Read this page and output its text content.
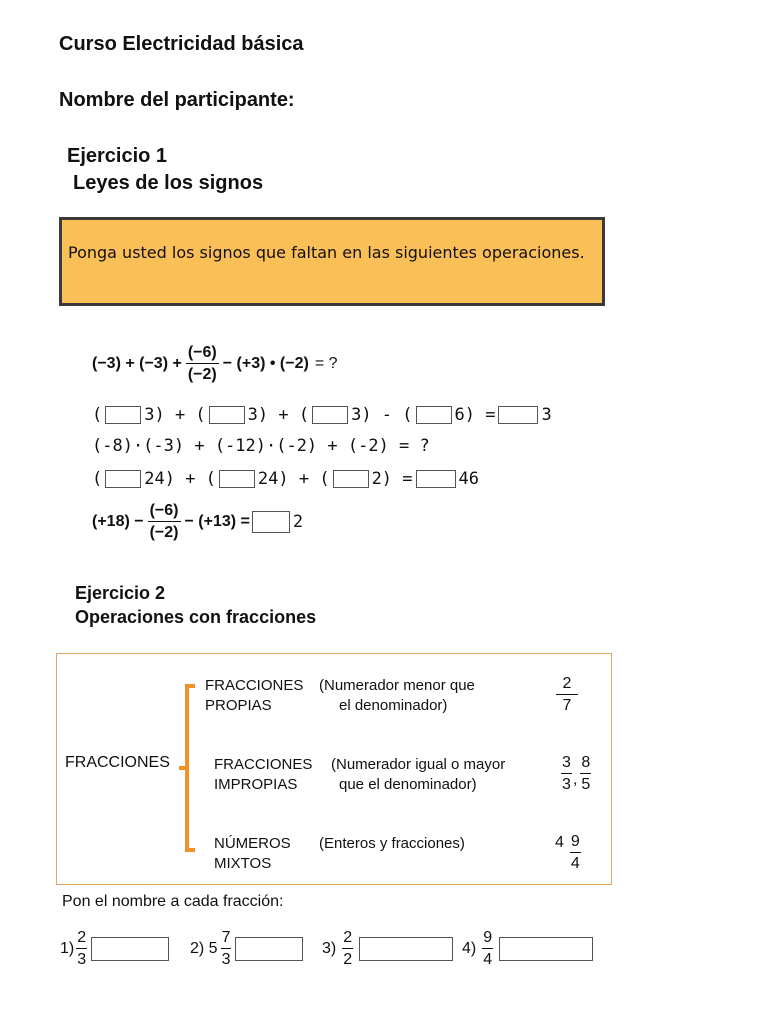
Curso Electricidad básica
Nombre del participante:
Ejercicio 1
Leyes de los signos
Ponga usted los signos que faltan en las siguientes operaciones.
$(-3) + (-3) + \frac{(-6)}{(-2)} - (+3)$ • (−2) = ?
( 3) + ( 3) + ( 3) - ( 6) =	3
(-8)·(-3) + (-12)·(-2) + (-2) = ?
( 24) + ( 24) + ( 2) =	46
$(+18) - \frac{(-6)}{(-2)} - (+13)$ =	2
Ejercicio 2
Operaciones con fracciones
FRACCIONES
FRACCIONES
PROPIAS
(Numerador menor que
el denominador)	$\frac{2}{7}$
FRACCIONES
IMPROPIAS
(Numerador igual o mayor
que el denominador)	$\frac{3}{3}$ , $\frac{8}{5}$
NÚMEROS
MIXTOS
(Enteros y fracciones)	$4 \frac{9}{4}$
Pon el nombre a cada fracción:
$1) \frac{2}{3}$	2) $5 \frac{7}{3}$	$3) \frac{2}{2}$	$4) \frac{9}{4}$
